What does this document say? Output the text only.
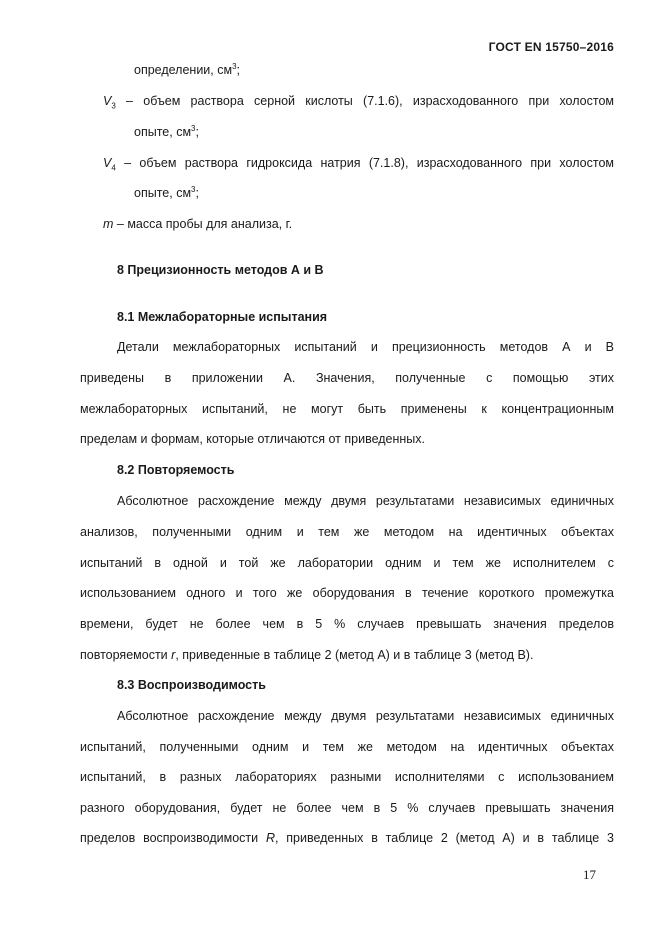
ГОСТ EN 15750–2016
определении, $см^3$;
$V_3$ – объем раствора серной кислоты (7.1.6), израсходованного при холостом
опыте, $см^3$;
$V_4$ – объем раствора гидроксида натрия (7.1.8), израсходованного при холостом
опыте, $см^3$;
m – масса пробы для анализа, г.
8 Прецизионность методов А и В
8.1 Межлабораторные испытания
Детали межлабораторных испытаний и прецизионность методов А и В
приведены в приложении А. Значения, полученные с помощью этих
межлабораторных испытаний, не могут быть применены к концентрационным
пределам и формам, которые отличаются от приведенных.
8.2 Повторяемость
Абсолютное расхождение между двумя результатами независимых единичных
анализов, полученными одним и тем же методом на идентичных объектах
испытаний в одной и той же лаборатории одним и тем же исполнителем с
использованием одного и того же оборудования в течение короткого промежутка
времени, будет не более чем в 5 % случаев превышать значения пределов
повторяемости r, приведенные в таблице 2 (метод А) и в таблице 3 (метод В).
8.3 Воспроизводимость
Абсолютное расхождение между двумя результатами независимых единичных
испытаний, полученными одним и тем же методом на идентичных объектах
испытаний, в разных лабораториях разными исполнителями с использованием
разного оборудования, будет не более чем в 5 % случаев превышать значения
пределов воспроизводимости R, приведенных в таблице 2 (метод А) и в таблице 3
17
